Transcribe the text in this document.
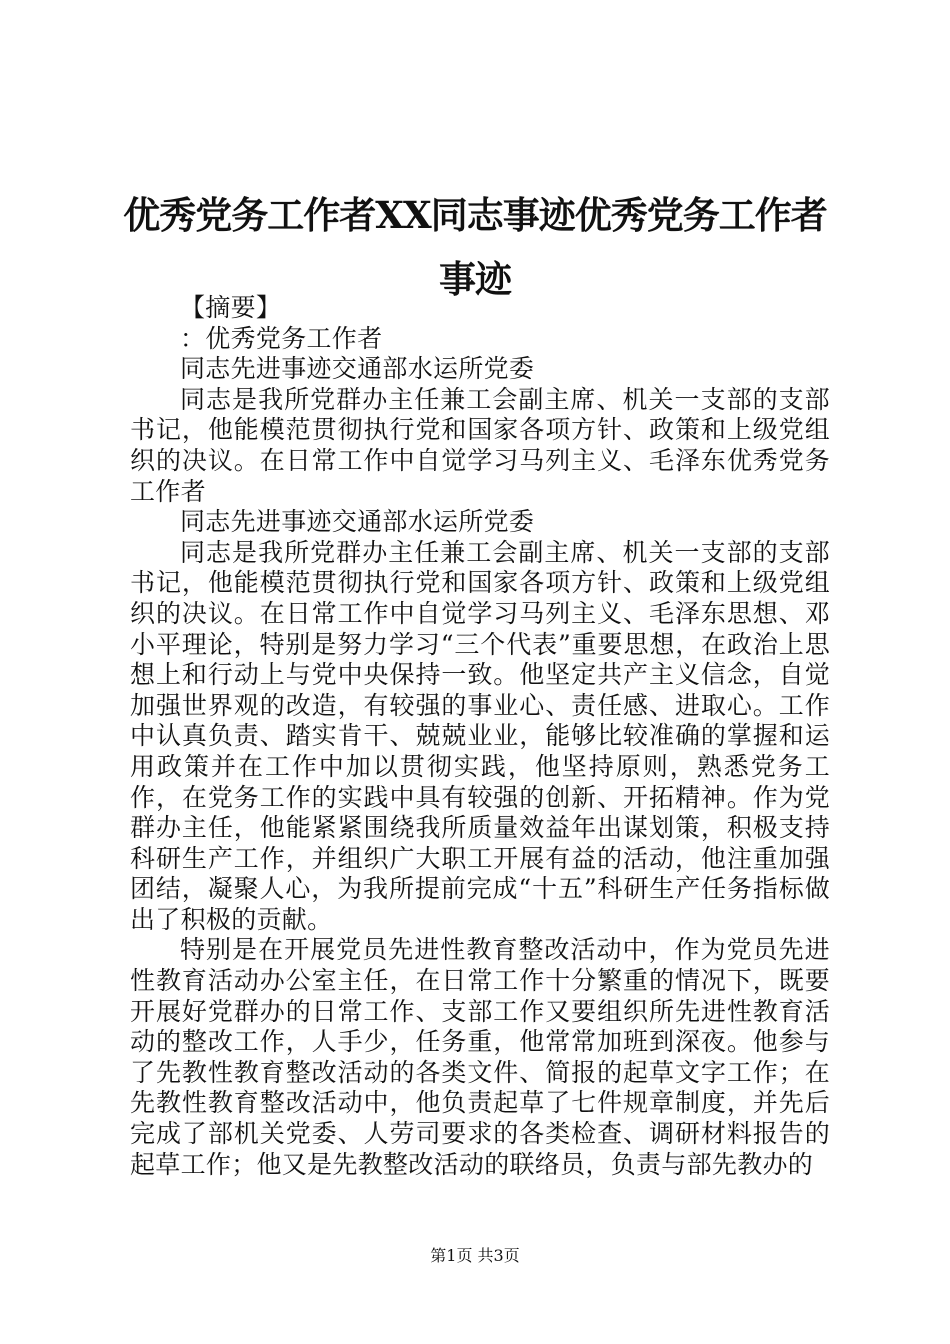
优秀党务工作者XX同志事迹优秀党务工作者事迹

【摘要】

：优秀党务工作者

同志先进事迹交通部水运所党委

同志是我所党群办主任兼工会副主席、机关一支部的支部书记，他能模范贯彻执行党和国家各项方针、政策和上级党组织的决议。在日常工作中自觉学习马列主义、毛泽东优秀党务工作者

同志先进事迹交通部水运所党委

同志是我所党群办主任兼工会副主席、机关一支部的支部书记，他能模范贯彻执行党和国家各项方针、政策和上级党组织的决议。在日常工作中自觉学习马列主义、毛泽东思想、邓小平理论，特别是努力学习“三个代表”重要思想，在政治上思想上和行动上与党中央保持一致。他坚定共产主义信念，自觉加强世界观的改造，有较强的事业心、责任感、进取心。工作中认真负责、踏实肯干、兢兢业业，能够比较准确的掌握和运用政策并在工作中加以贯彻实践，他坚持原则，熟悉党务工作，在党务工作的实践中具有较强的创新、开拓精神。作为党群办主任，他能紧紧围绕我所质量效益年出谋划策，积极支持科研生产工作，并组织广大职工开展有益的活动，他注重加强团结，凝聚人心，为我所提前完成“十五”科研生产任务指标做出了积极的贡献。

特别是在开展党员先进性教育整改活动中，作为党员先进性教育活动办公室主任，在日常工作十分繁重的情况下，既要开展好党群办的日常工作、支部工作又要组织所先进性教育活动的整改工作，人手少，任务重，他常常加班到深夜。他参与了先教性教育整改活动的各类文件、简报的起草文字工作；在先教性教育整改活动中，他负责起草了七件规章制度，并先后完成了部机关党委、人劳司要求的各类检查、调研材料报告的起草工作；他又是先教整改活动的联络员，负责与部先教办的

第1页 共3页
